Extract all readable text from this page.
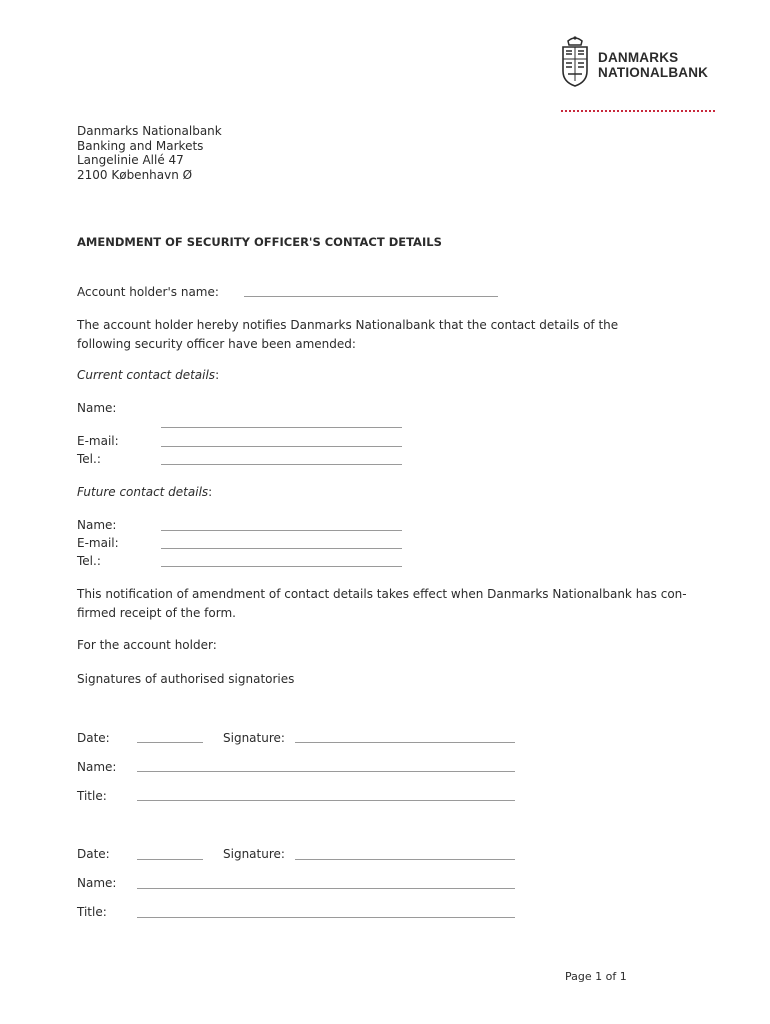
DANMARKS
NATIONALBANK
Danmarks Nationalbank
Banking and Markets
Langelinie Allé 47
2100 København Ø
AMENDMENT OF SECURITY OFFICER'S CONTACT DETAILS
Account holder's name:
The account holder hereby notifies Danmarks Nationalbank that the contact details of the
following security officer have been amended:
Current contact details:
Name:
E-mail:
Tel.:
Future contact details:
Name:
E-mail:
Tel.:
This notification of amendment of contact details takes effect when Danmarks Nationalbank has con-
firmed receipt of the form.
For the account holder:
Signatures of authorised signatories
Date:	Signature:
Name:
Title:
Date:	Signature:
Name:
Title:
Page 1 of 1
